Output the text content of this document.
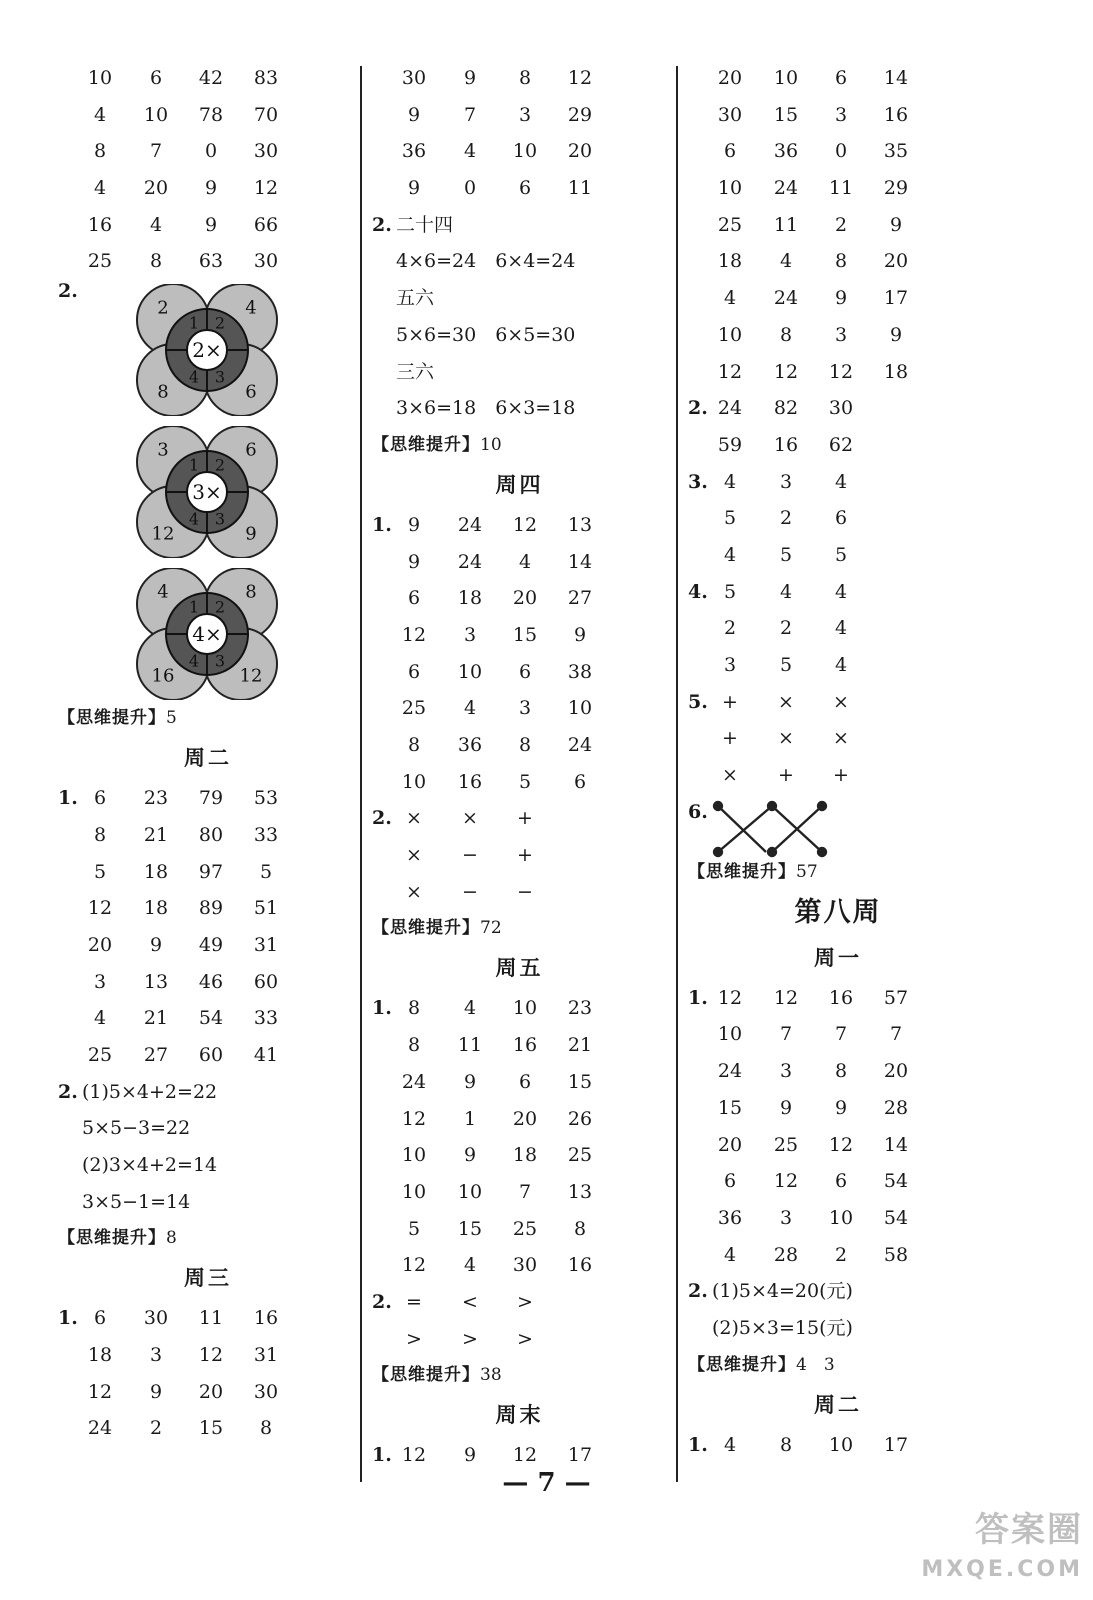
10	6	42	83
4	10	78	70
8	7	0	30
4	20	9	12
16	4	9	66
25	8	63	30
2.
2×
1 2
3
4
2	4
6
8
3×
1 2
3
4
3	6
9
12
4×
1 2
3
4
4	8
12
16
【思维提升】5
周二
1. 6	23	79	53
8	21	80	33
5	18	97	5
12	18	89	51
20	9	49	31
3	13	46	60
4	21	54	33
25	27	60	41
2. (1)5×4+2=22
5×5−3=22
(2)3×4+2=14
3×5−1=14
【思维提升】8
周三
1. 6	30	11	16
18	3	12	31
12	9	20	30
24	2	15	8
30	9	8	12
9	7	3	29
36	4	10	20
9	0	6	11
2. 二十四
4×6=24　6×4=24
五六
5×6=30　6×5=30
三六
3×6=18　6×3=18
【思维提升】10
周四
1. 9	24	12	13
9	24	4	14
6	18	20	27
12	3	15	9
6	10	6	38
25	4	3	10
8	36	8	24
10	16	5	6
2. ×	×	+
×	−	+
×	−	−
【思维提升】72
周五
1. 8	4	10	23
8	11	16	21
24	9	6	15
12	1	20	26
10	9	18	25
10	10	7	13
5	15	25	8
12	4	30	16
2. =	<	>
>	>	>
【思维提升】38
周末
1. 12	9	12	17
20	10	6	14
30	15	3	16
6	36	0	35
10	24	11	29
25	11	2	9
18	4	8	20
4	24	9	17
10	8	3	9
12	12	12	18
2. 24	82	30
59	16	62
3. 4	3	4
5	2	6
4	5	5
4. 5	4	4
2	2	4
3	5	4
5. +	×	×
+	×	×
×	+	+
6.
【思维提升】57
第八周
周一
1. 12	12	16	57
10	7	7	7
24	3	8	20
15	9	9	28
20	25	12	14
6	12	6	54
36	3	10	54
4	28	2	58
2. (1)5×4=20(元)
(2)5×3=15(元)
【思维提升】4　3
周二
1. 4	8	10	17
— 7 —
答案圈
MXQE.COM
